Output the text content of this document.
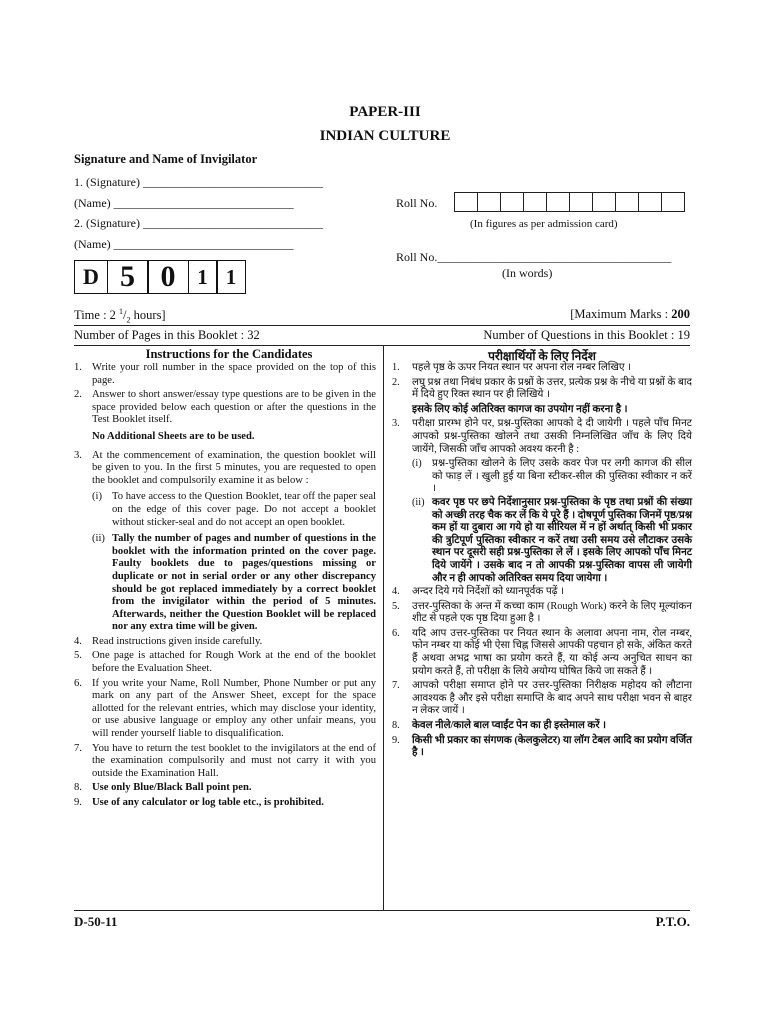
PAPER-III
INDIAN CULTURE
Signature and Name of Invigilator
1. (Signature) ______________________________
(Name) ______________________________
2. (Signature) ______________________________
(Name) ______________________________
Roll No.
(In figures as per admission card)
Roll No._______________________________________
(In words)
D 5 0	1 1
Time : 2 $^1/_2$ hours]	[Maximum Marks : 200
Number of Pages in this Booklet : 32	Number of Questions in this Booklet : 19
Instructions for the Candidates	परीक्षार्थियों के लिए निर्देश
1. Write your roll number in the space provided on the top of this page.
2. Answer to short answer/essay type questions are to be given in the space provided below each question or after the questions in the Test Booklet itself.
No Additional Sheets are to be used.
3. At the commencement of examination, the question booklet will be given to you. In the first 5 minutes, you are requested to open the booklet and compulsorily examine it as below :
(i) To have access to the Question Booklet, tear off the paper seal on the edge of this cover page. Do not accept a booklet without sticker-seal and do not accept an open booklet.
(ii) Tally the number of pages and number of questions in the booklet with the information printed on the cover page. Faulty booklets due to pages/questions missing or duplicate or not in serial order or any other discrepancy should be got replaced immediately by a correct booklet from the invigilator within the period of 5 minutes. Afterwards, neither the Question Booklet will be replaced nor any extra time will be given.
4. Read instructions given inside carefully.
5. One page is attached for Rough Work at the end of the booklet before the Evaluation Sheet.
6. If you write your Name, Roll Number, Phone Number or put any mark on any part of the Answer Sheet, except for the space allotted for the relevant entries, which may disclose your identity, or use abusive language or employ any other unfair means, you will render yourself liable to disqualification.
7. You have to return the test booklet to the invigilators at the end of the examination compulsorily and must not carry it with you outside the Examination Hall.
8. Use only Blue/Black Ball point pen.
9. Use of any calculator or log table etc., is prohibited.
1.	पहले पृष्ठ के ऊपर नियत स्थान पर अपना रोल नम्बर लिखिए ।
2.	लघु प्रश्न तथा निबंध प्रकार के प्रश्नों के उत्तर, प्रत्येक प्रश्न के नीचे या प्रश्नों के बाद में दिये हुए रिक्त स्थान पर ही लिखिये ।
इसके लिए कोई अतिरिक्त कागज का उपयोग नहीं करना है ।
3.	परीक्षा प्रारम्भ होने पर, प्रश्न-पुस्तिका आपको दे दी जायेगी । पहले पाँच मिनट आपको प्रश्न-पुस्तिका खोलने तथा उसकी निम्नलिखित जाँच के लिए दिये जायेंगे, जिसकी जाँच आपको अवश्य करनी है :
(i) प्रश्न-पुस्तिका खोलने के लिए उसके कवर पेज पर लगी कागज की सील को फाड़ लें । खुली हुई या बिना स्टीकर-सील की पुस्तिका स्वीकार न करें ।
(ii) कवर पृष्ठ पर छपे निर्देशानुसार प्रश्न-पुस्तिका के पृष्ठ तथा प्रश्नों की संख्या को अच्छी तरह चैक कर लें कि ये पूरे हैं । दोषपूर्ण पुस्तिका जिनमें पृष्ठ/प्रश्न कम हों या दुबारा आ गये हो या सीरियल में न हों अर्थात् किसी भी प्रकार की त्रुटिपूर्ण पुस्तिका स्वीकार न करें तथा उसी समय उसे लौटाकर उसके स्थान पर दूसरी सही प्रश्न-पुस्तिका ले लें । इसके लिए आपको पाँच मिनट दिये जायेंगे । उसके बाद न तो आपकी प्रश्न-पुस्तिका वापस ली जायेगी और न ही आपको अतिरिक्त समय दिया जायेगा ।
4.	अन्दर दिये गये निर्देशों को ध्यानपूर्वक पढ़ें ।
5.	उत्तर-पुस्तिका के अन्त में कच्चा काम (Rough Work) करने के लिए मूल्यांकन शीट से पहले एक पृष्ठ दिया हुआ है ।
6.	यदि आप उत्तर-पुस्तिका पर नियत स्थान के अलावा अपना नाम, रोल नम्बर, फोन नम्बर या कोई भी ऐसा चिह्न जिससे आपकी पहचान हो सके, अंकित करते हैं अथवा अभद्र भाषा का प्रयोग करते हैं, या कोई अन्य अनुचित साधन का प्रयोग करते हैं, तो परीक्षा के लिये अयोग्य घोषित किये जा सकते हैं ।
7.	आपको परीक्षा समाप्त होने पर उत्तर-पुस्तिका निरीक्षक महोदय को लौटाना आवश्यक है और इसे परीक्षा समाप्ति के बाद अपने साथ परीक्षा भवन से बाहर न लेकर जायें ।
8.	केवल नीले/काले बाल प्वाईंट पेन का ही इस्तेमाल करें ।
9.	किसी भी प्रकार का संगणक (केलकुलेटर) या लॉग टेबल आदि का प्रयोग वर्जित है ।
D-50-11	P.T.O.
